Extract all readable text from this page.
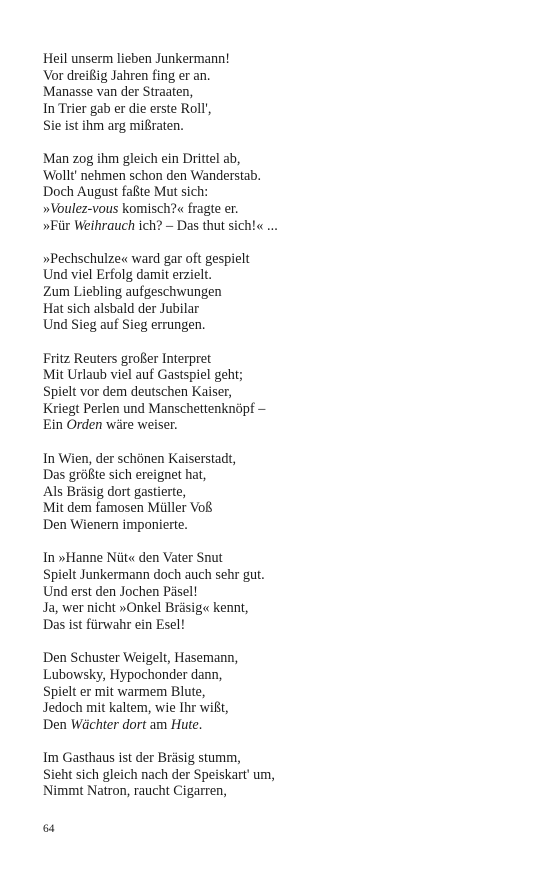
Heil unserm lieben Junkermann!
Vor dreißig Jahren fing er an.
Manasse van der Straaten,
In Trier gab er die erste Roll',
Sie ist ihm arg mißraten.
Man zog ihm gleich ein Drittel ab,
Wollt' nehmen schon den Wanderstab.
Doch August faßte Mut sich:
»Voulez-vous komisch?« fragte er.
»Für Weihrauch ich? – Das thut sich!« ...
»Pechschulze« ward gar oft gespielt
Und viel Erfolg damit erzielt.
Zum Liebling aufgeschwungen
Hat sich alsbald der Jubilar
Und Sieg auf Sieg errungen.
Fritz Reuters großer Interpret
Mit Urlaub viel auf Gastspiel geht;
Spielt vor dem deutschen Kaiser,
Kriegt Perlen und Manschettenknöpf –
Ein Orden wäre weiser.
In Wien, der schönen Kaiserstadt,
Das größte sich ereignet hat,
Als Bräsig dort gastierte,
Mit dem famosen Müller Voß
Den Wienern imponierte.
In »Hanne Nüt« den Vater Snut
Spielt Junkermann doch auch sehr gut.
Und erst den Jochen Päsel!
Ja, wer nicht »Onkel Bräsig« kennt,
Das ist fürwahr ein Esel!
Den Schuster Weigelt, Hasemann,
Lubowsky, Hypochonder dann,
Spielt er mit warmem Blute,
Jedoch mit kaltem, wie Ihr wißt,
Den Wächter dort am Hute.
Im Gasthaus ist der Bräsig stumm,
Sieht sich gleich nach der Speiskart' um,
Nimmt Natron, raucht Cigarren,
64
